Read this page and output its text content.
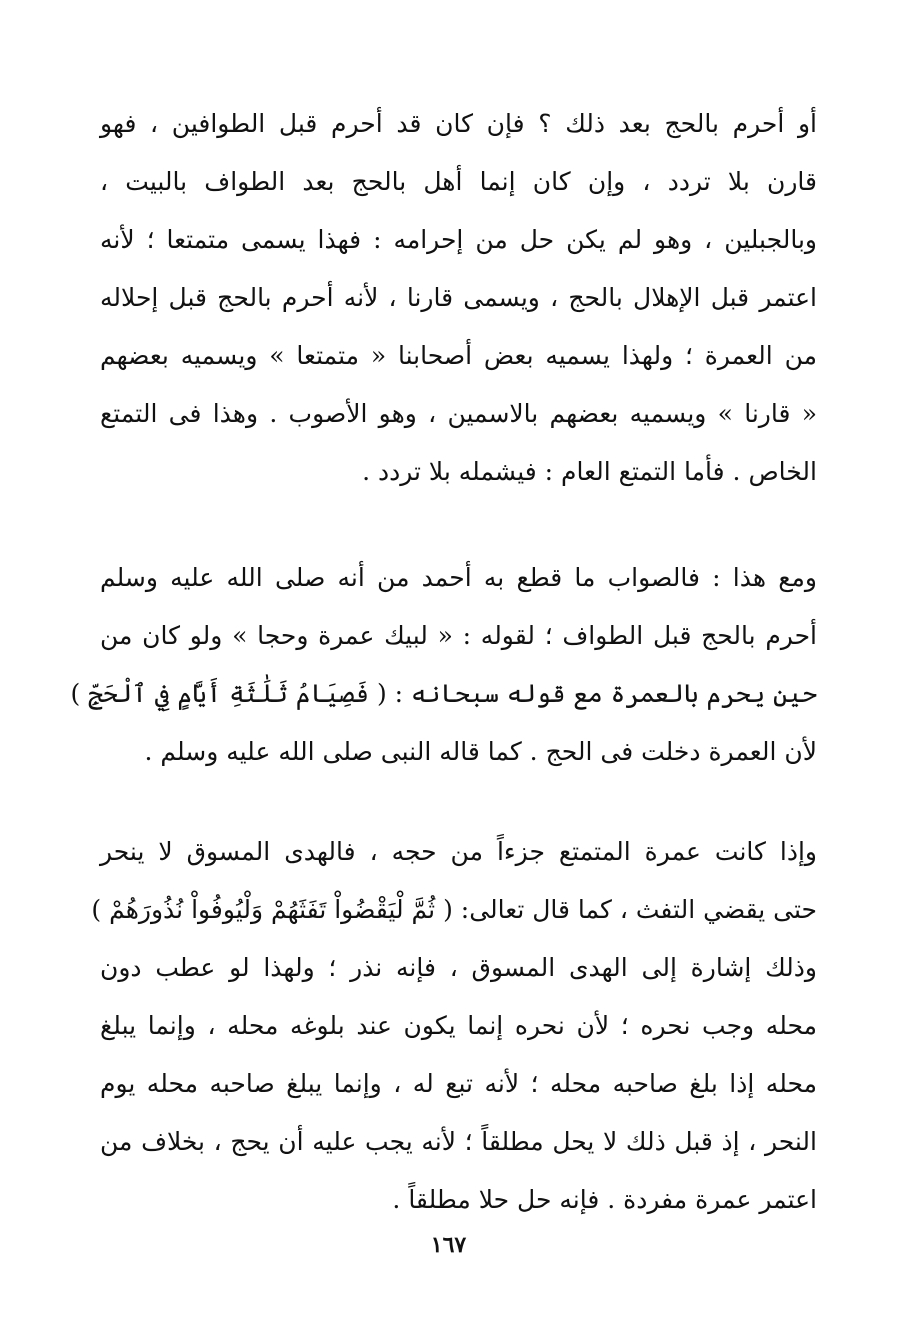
أو أحرم بالحج بعد ذلك ؟ فإن كان قد أحرم قبل الطوافين ، فهو
قارن بلا تردد ، وإن كان إنما أهل بالحج بعد الطواف بالبيت ،
وبالجبلين ، وهو لم يكن حل من إحرامه : فهذا يسمى متمتعا ؛ لأنه
اعتمر قبل الإهلال بالحج ، ويسمى قارنا ، لأنه أحرم بالحج قبل إحلاله
من العمرة ؛ ولهذا يسميه بعض أصحابنا « متمتعا » ويسميه بعضهم
« قارنا » ويسميه بعضهم بالاسمين ، وهو الأصوب . وهذا فى التمتع
الخاص . فأما التمتع العام : فيشمله بلا تردد .
ومع هذا : فالصواب ما قطع به أحمد من أنه صلى الله عليه وسلم
أحرم بالحج قبل الطواف ؛ لقوله : « لبيك عمرة وحجا » ولو كان من
حين يحرم بالعمرة مع قوله سبحانه : ( فَصِيَامُ ثَلَٰثَةِ أَيَّامٍ فِي ٱلْحَجِّ )
لأن العمرة دخلت فى الحج . كما قاله النبى صلى الله عليه وسلم .
وإذا كانت عمرة المتمتع جزءاً من حجه ، فالهدى المسوق لا ينحر
حتى يقضي التفث ، كما قال تعالى: ( ثُمَّ لْيَقْضُواْ تَفَثَهُمْ وَلْيُوفُواْ نُذُورَهُمْ )
وذلك إشارة إلى الهدى المسوق ، فإنه نذر ؛ ولهذا لو عطب دون
محله وجب نحره ؛ لأن نحره إنما يكون عند بلوغه محله ، وإنما يبلغ
محله إذا بلغ صاحبه محله ؛ لأنه تبع له ، وإنما يبلغ صاحبه محله يوم
النحر ، إذ قبل ذلك لا يحل مطلقاً ؛ لأنه يجب عليه أن يحج ، بخلاف من
اعتمر عمرة مفردة . فإنه حل حلا مطلقاً .
١٦٧
